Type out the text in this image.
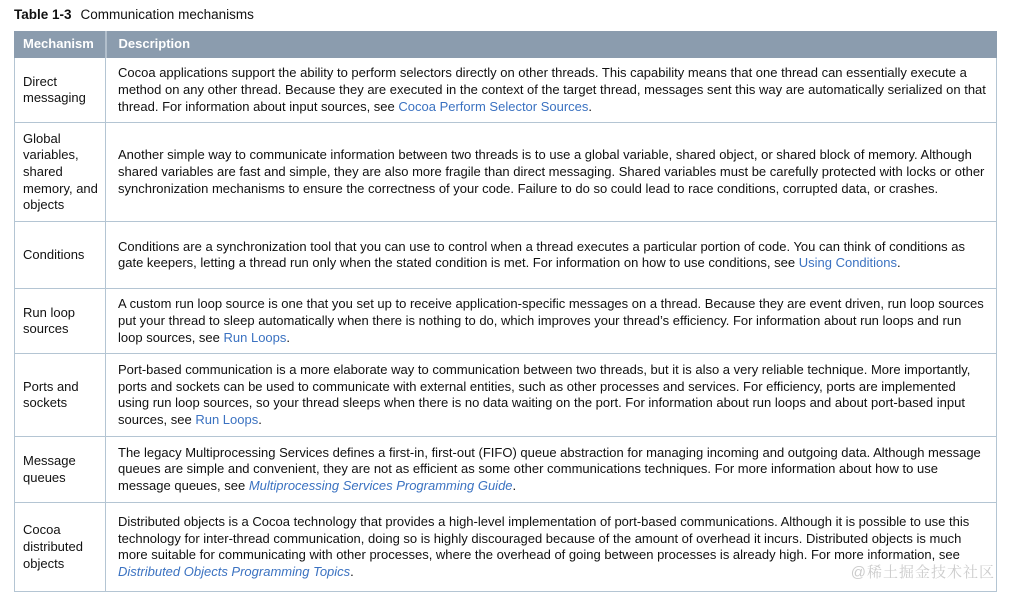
Table 1-3 Communication mechanisms
Mechanism	Description
Direct messaging	Cocoa applications support the ability to perform selectors directly on other threads. This capability means that one thread can essentially execute a method on any other thread. Because they are executed in the context of the target thread, messages sent this way are automatically serialized on that thread. For information about input sources, see Cocoa Perform Selector Sources.
Global variables, shared memory, and objects	Another simple way to communicate information between two threads is to use a global variable, shared object, or shared block of memory. Although shared variables are fast and simple, they are also more fragile than direct messaging. Shared variables must be carefully protected with locks or other synchronization mechanisms to ensure the correctness of your code. Failure to do so could lead to race conditions, corrupted data, or crashes.
Conditions	Conditions are a synchronization tool that you can use to control when a thread executes a particular portion of code. You can think of conditions as gate keepers, letting a thread run only when the stated condition is met. For information on how to use conditions, see Using Conditions.
Run loop sources	A custom run loop source is one that you set up to receive application-specific messages on a thread. Because they are event driven, run loop sources put your thread to sleep automatically when there is nothing to do, which improves your thread’s efficiency. For information about run loops and run loop sources, see Run Loops.
Ports and sockets	Port-based communication is a more elaborate way to communication between two threads, but it is also a very reliable technique. More importantly, ports and sockets can be used to communicate with external entities, such as other processes and services. For efficiency, ports are implemented using run loop sources, so your thread sleeps when there is no data waiting on the port. For information about run loops and about port-based input sources, see Run Loops.
Message queues	The legacy Multiprocessing Services defines a first-in, first-out (FIFO) queue abstraction for managing incoming and outgoing data. Although message queues are simple and convenient, they are not as efficient as some other communications techniques. For more information about how to use message queues, see Multiprocessing Services Programming Guide.
Cocoa distributed objects	Distributed objects is a Cocoa technology that provides a high-level implementation of port-based communications. Although it is possible to use this technology for inter-thread communication, doing so is highly discouraged because of the amount of overhead it incurs. Distributed objects is much more suitable for communicating with other processes, where the overhead of going between processes is already high. For more information, see Distributed Objects Programming Topics.	@稀土掘金技术社区
